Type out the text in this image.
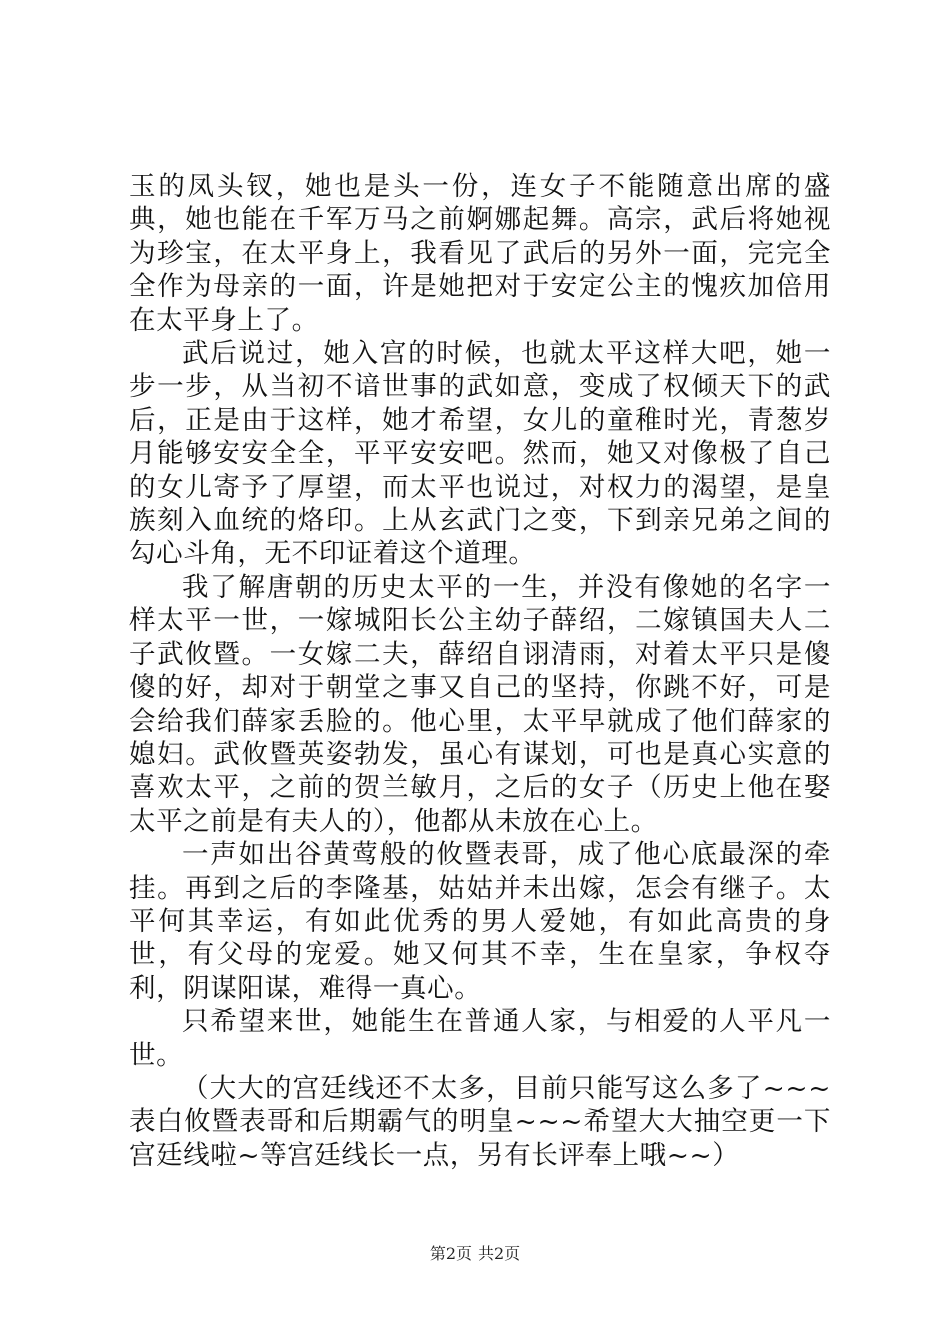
玉的凤头钗，她也是头一份，连女子不能随意出席的盛典，她也能在千军万马之前婀娜起舞。高宗，武后将她视为珍宝，在太平身上，我看见了武后的另外一面，完完全全作为母亲的一面，许是她把对于安定公主的愧疚加倍用在太平身上了。

武后说过，她入宫的时候，也就太平这样大吧，她一步一步，从当初不谙世事的武如意，变成了权倾天下的武后，正是由于这样，她才希望，女儿的童稚时光，青葱岁月能够安安全全，平平安安吧。然而，她又对像极了自己的女儿寄予了厚望，而太平也说过，对权力的渴望，是皇族刻入血统的烙印。上从玄武门之变，下到亲兄弟之间的勾心斗角，无不印证着这个道理。

我了解唐朝的历史太平的一生，并没有像她的名字一样太平一世，一嫁城阳长公主幼子薛绍，二嫁镇国夫人二子武攸暨。一女嫁二夫，薛绍自诩清雨，对着太平只是傻傻的好，却对于朝堂之事又自己的坚持，你跳不好，可是会给我们薛家丢脸的。他心里，太平早就成了他们薛家的媳妇。武攸暨英姿勃发，虽心有谋划，可也是真心实意的喜欢太平，之前的贺兰敏月，之后的女子（历史上他在娶太平之前是有夫人的），他都从未放在心上。

一声如出谷黄莺般的攸暨表哥，成了他心底最深的牵挂。再到之后的李隆基，姑姑并未出嫁，怎会有继子。太平何其幸运，有如此优秀的男人爱她，有如此高贵的身世，有父母的宠爱。她又何其不幸，生在皇家，争权夺利，阴谋阳谋，难得一真心。

只希望来世，她能生在普通人家，与相爱的人平凡一世。

（大大的宫廷线还不太多，目前只能写这么多了~~~表白攸暨表哥和后期霸气的明皇~~~希望大大抽空更一下宫廷线啦~等宫廷线长一点，另有长评奉上哦~~）

第2页 共2页
